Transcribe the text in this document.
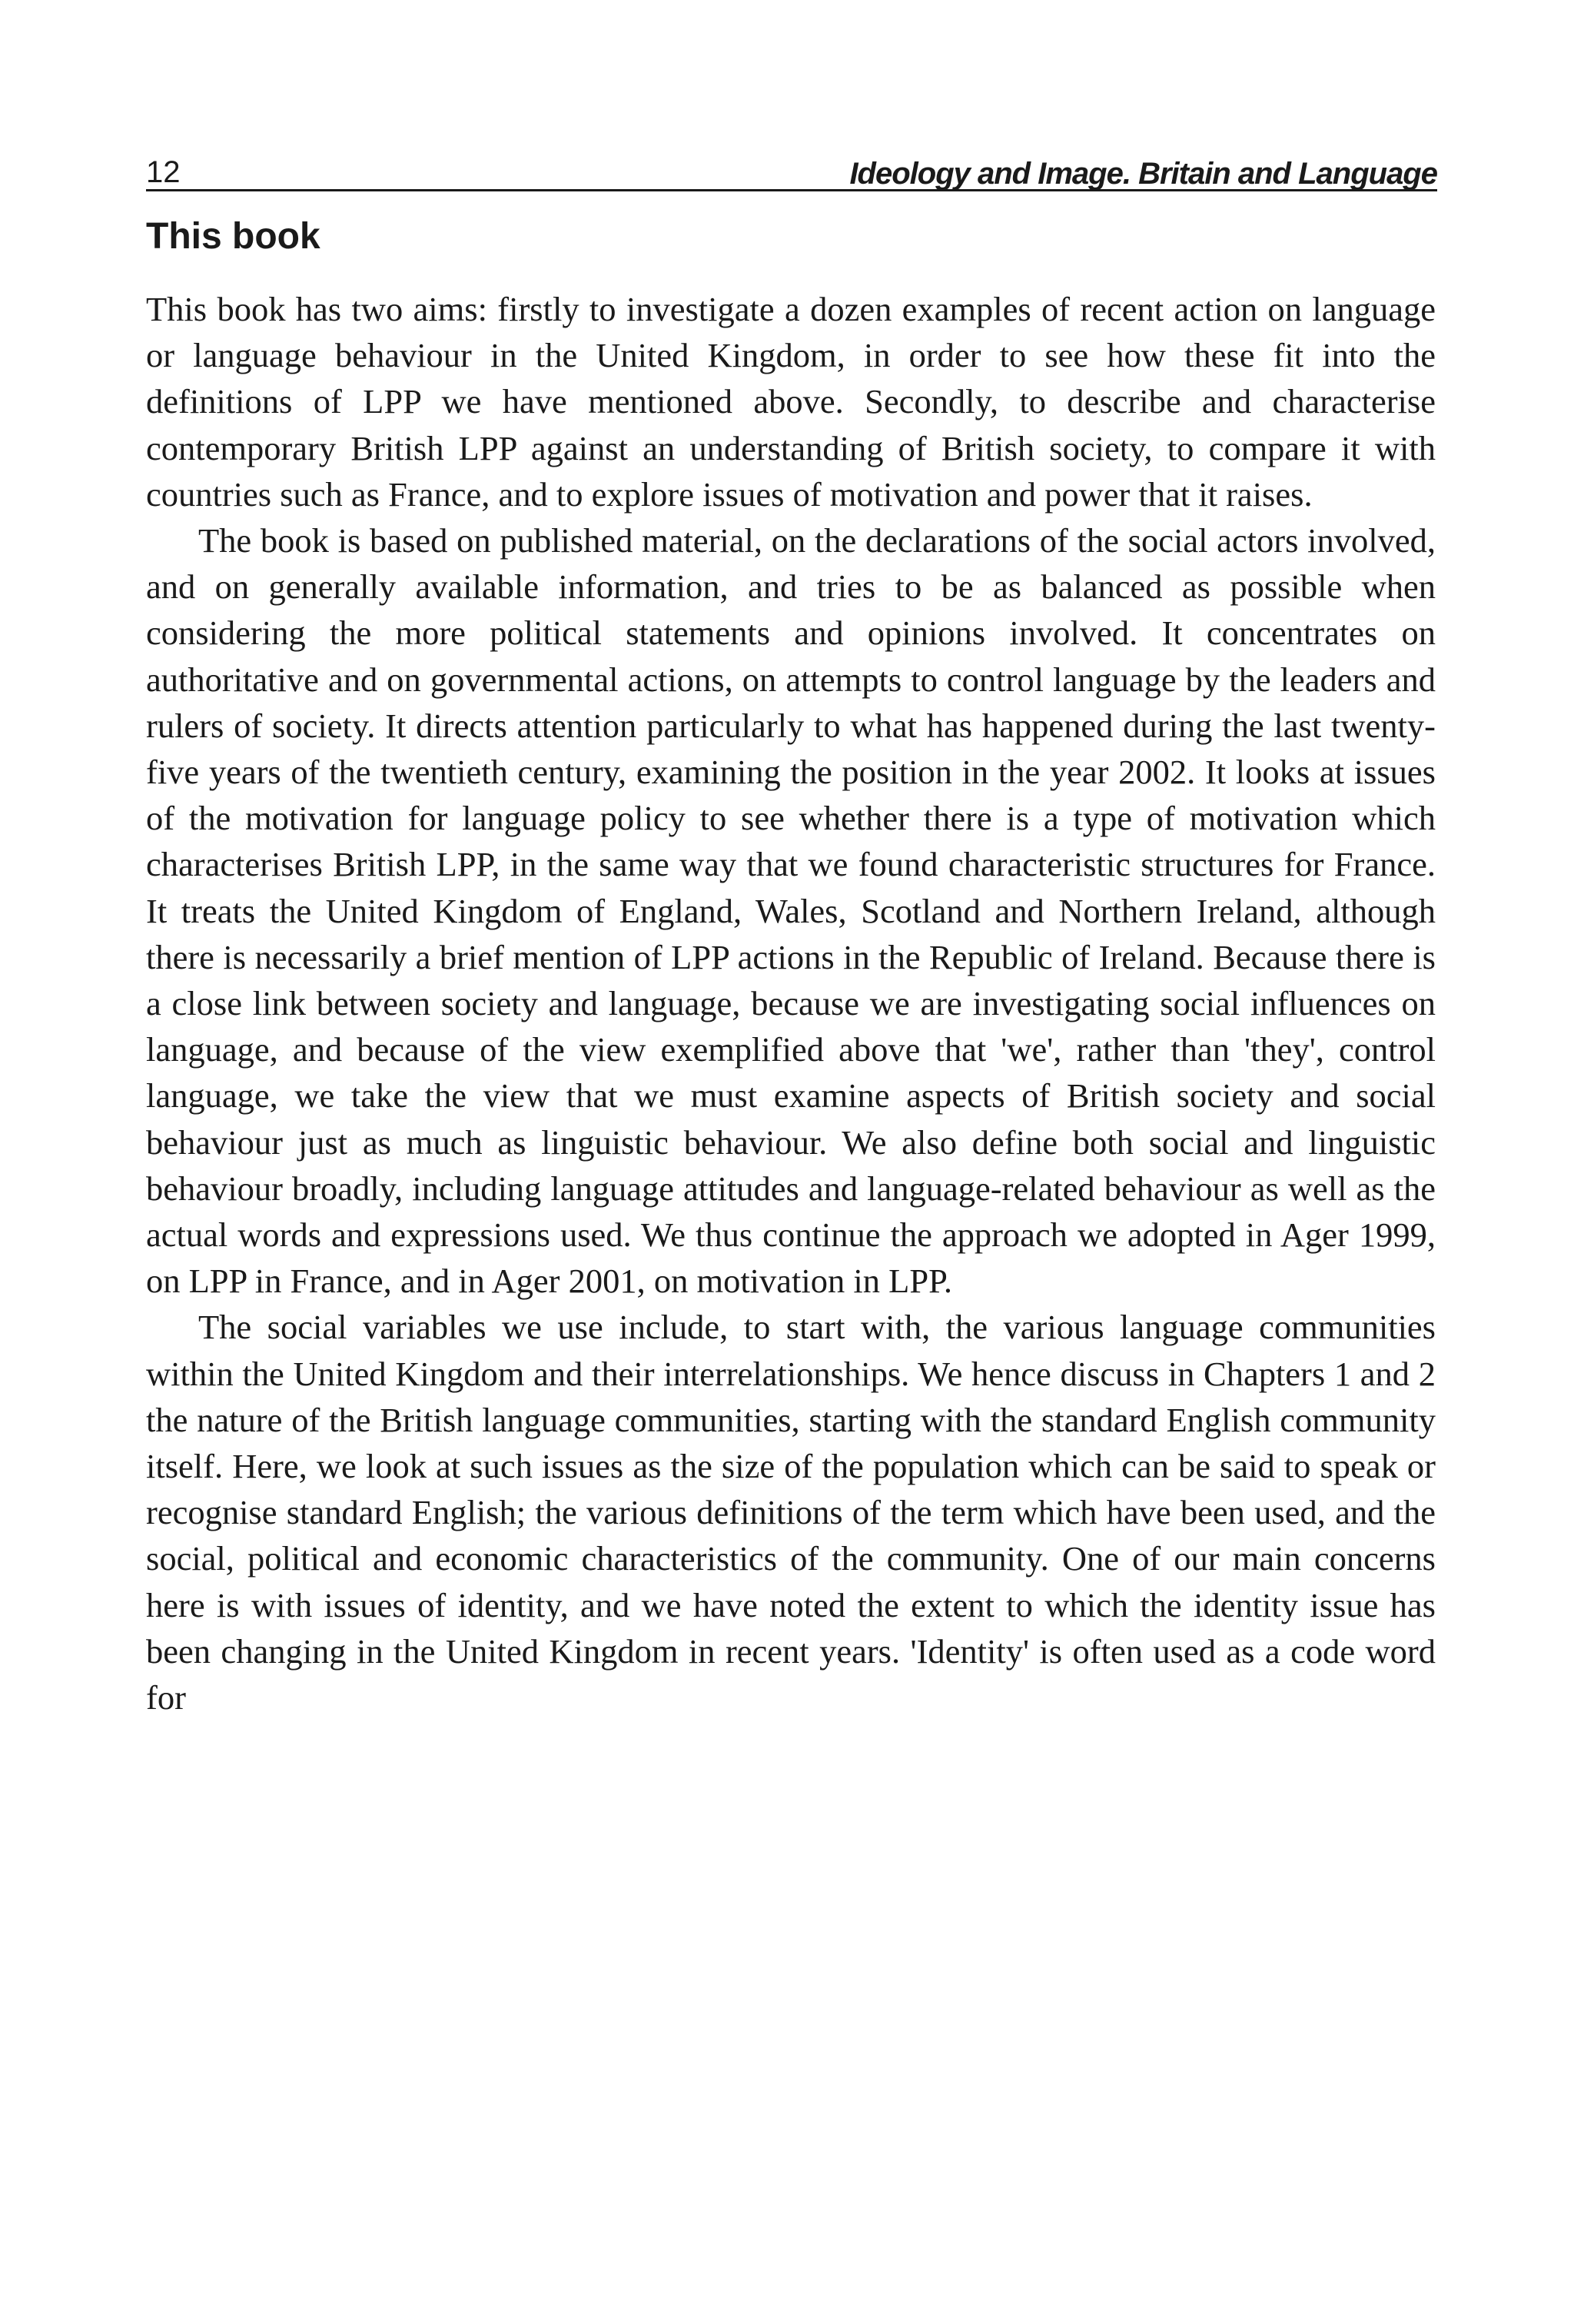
12	Ideology and Image. Britain and Language
This book

This book has two aims: firstly to investigate a dozen examples of recent action on language or language behaviour in the United Kingdom, in order to see how these fit into the definitions of LPP we have mentioned above. Secondly, to describe and characterise contemporary British LPP against an understanding of British society, to compare it with countries such as France, and to explore issues of motivation and power that it raises.

The book is based on published material, on the declarations of the social actors involved, and on generally available information, and tries to be as balanced as possible when considering the more political statements and opinions involved. It concentrates on authoritative and on governmental actions, on attempts to control language by the leaders and rulers of society. It directs attention particularly to what has happened during the last twenty-five years of the twentieth century, examining the position in the year 2002. It looks at issues of the motivation for language policy to see whether there is a type of motivation which characterises British LPP, in the same way that we found characteristic structures for France. It treats the United Kingdom of England, Wales, Scotland and Northern Ireland, although there is necessarily a brief mention of LPP actions in the Republic of Ireland. Because there is a close link between society and language, because we are investigating social influences on language, and because of the view exemplified above that 'we', rather than 'they', control language, we take the view that we must examine aspects of British society and social behaviour just as much as linguistic behaviour. We also define both social and linguistic behaviour broadly, including language attitudes and language-related behaviour as well as the actual words and expressions used. We thus continue the approach we adopted in Ager 1999, on LPP in France, and in Ager 2001, on motivation in LPP.

The social variables we use include, to start with, the various language communities within the United Kingdom and their interrelationships. We hence discuss in Chapters 1 and 2 the nature of the British language communities, starting with the standard English community itself. Here, we look at such issues as the size of the population which can be said to speak or recognise standard English; the various definitions of the term which have been used, and the social, political and economic characteristics of the community. One of our main concerns here is with issues of identity, and we have noted the extent to which the identity issue has been changing in the United Kingdom in recent years. 'Identity' is often used as a code word for
